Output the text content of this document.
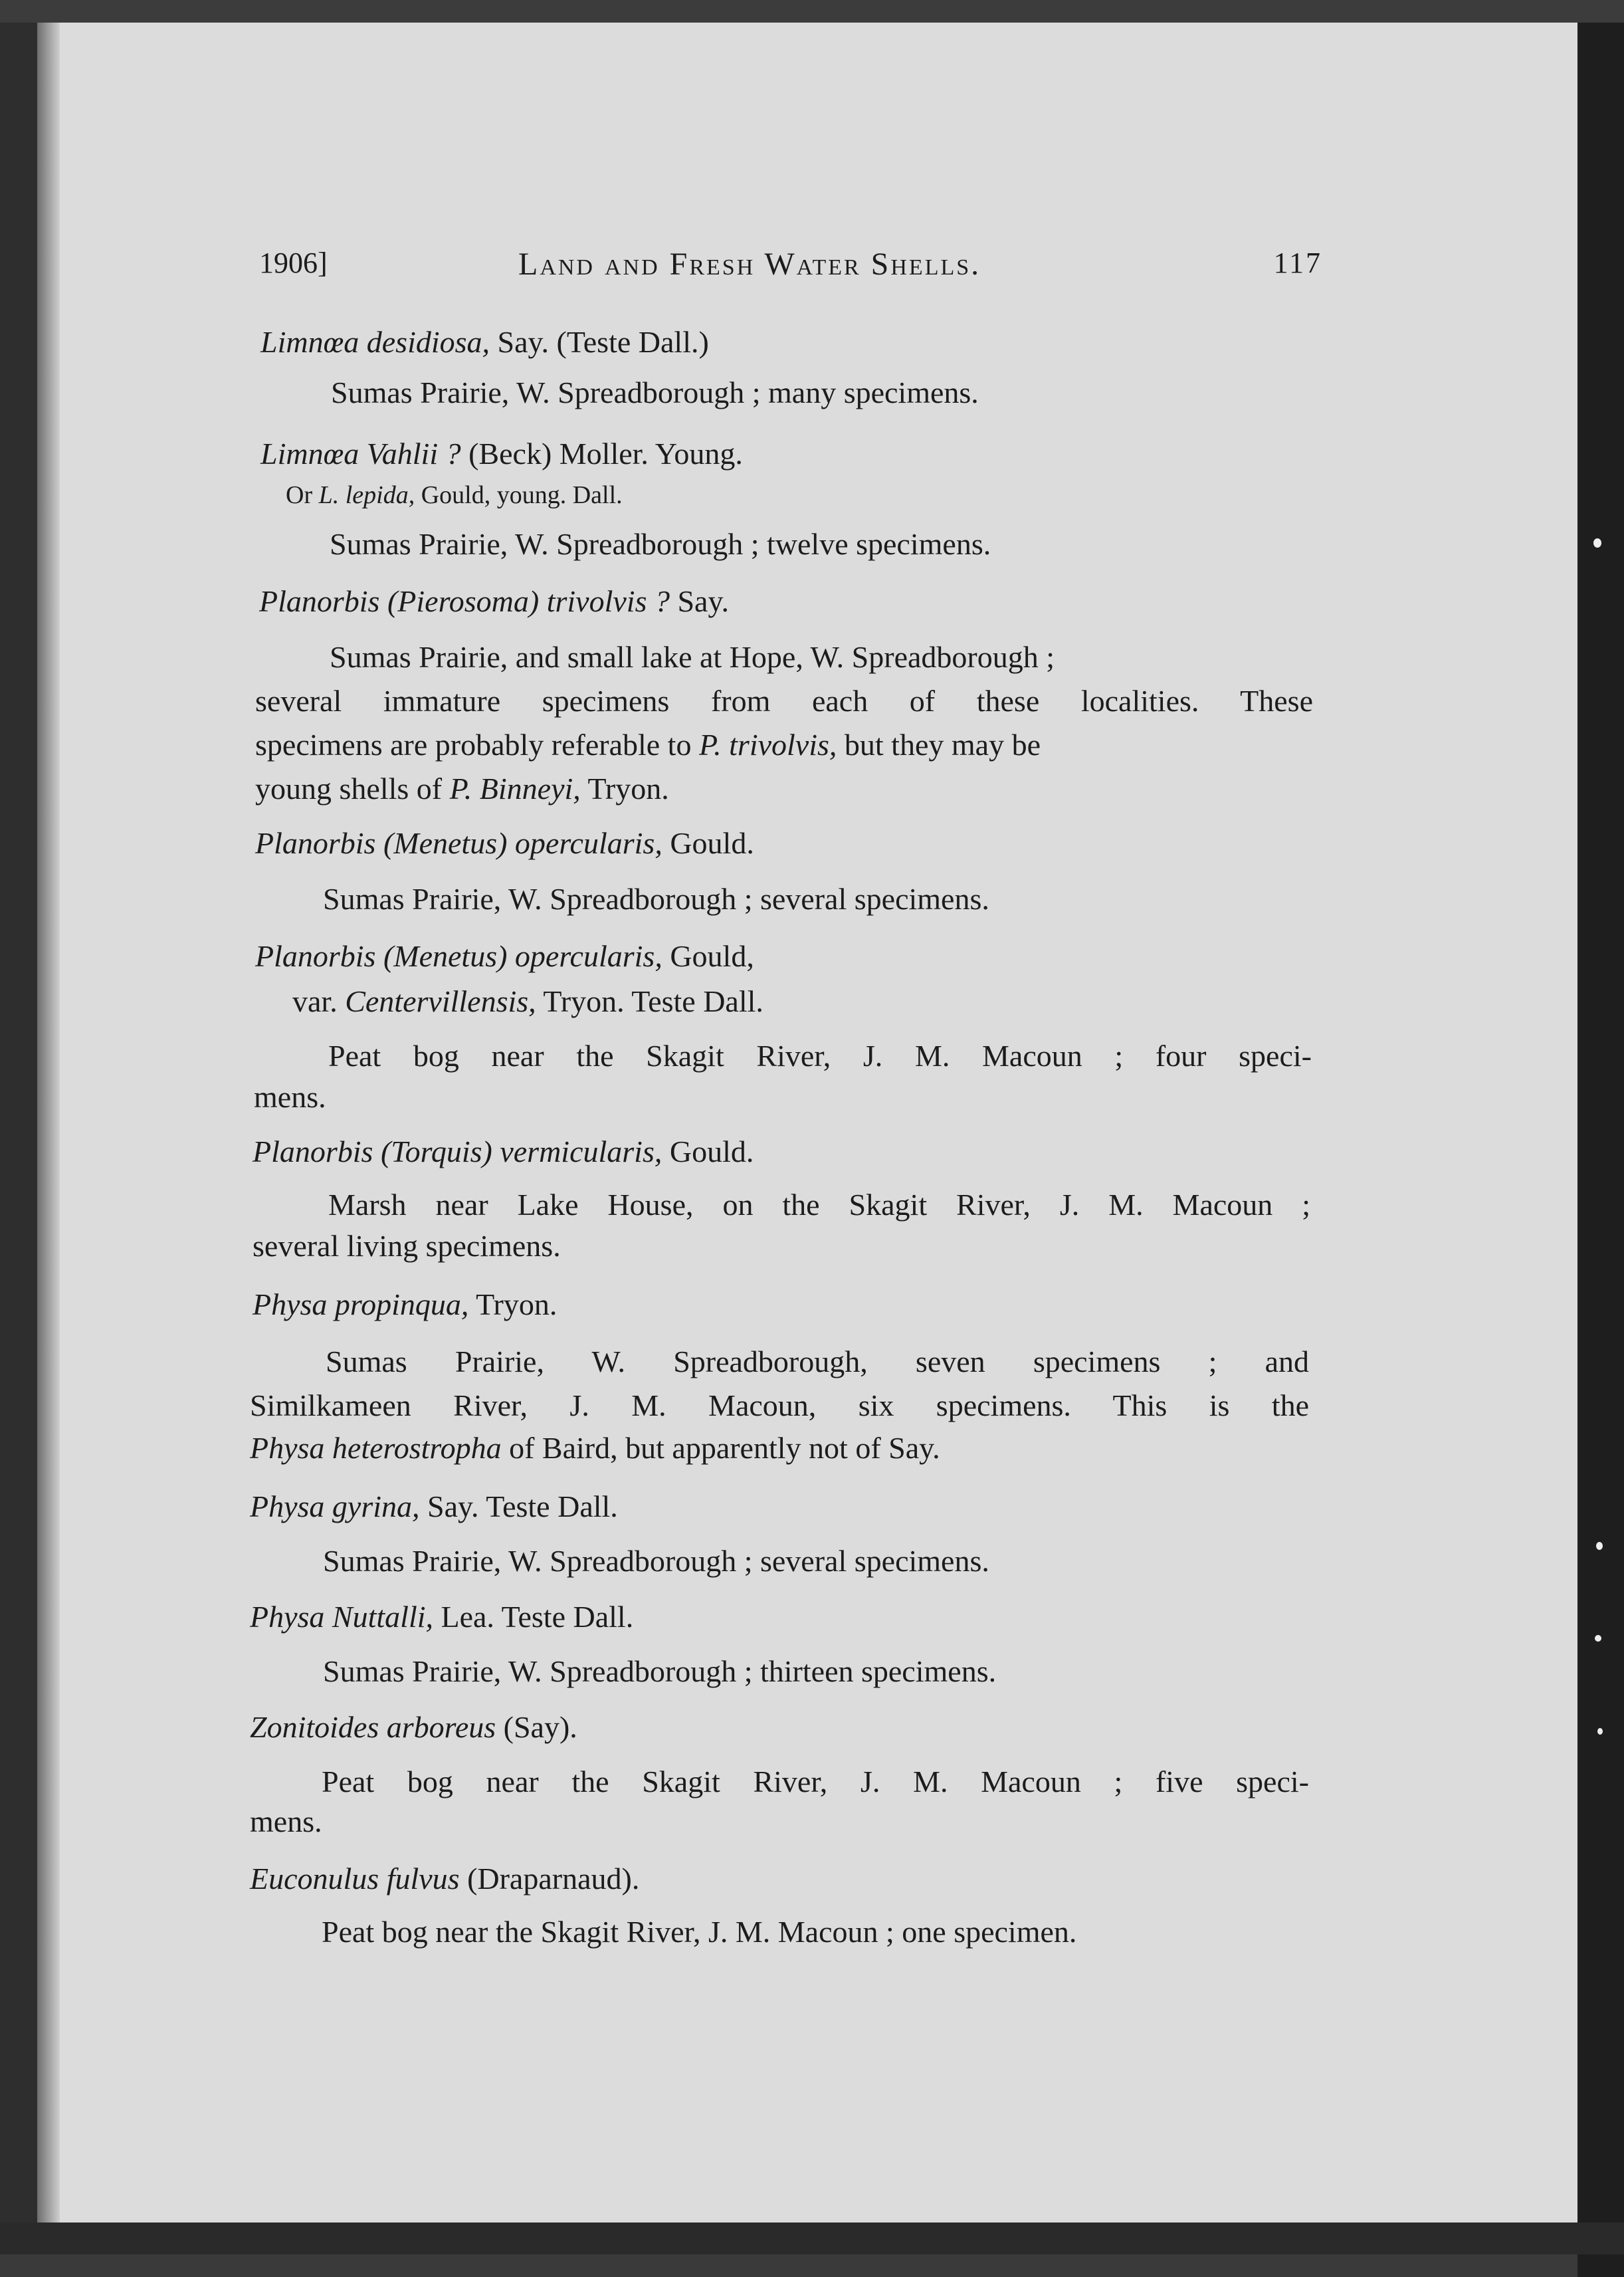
1906]	Land and Fresh Water Shells.	117
Limnœa desidiosa, Say. (Teste Dall.)
Sumas Prairie, W. Spreadborough ; many specimens.
Limnœa Vahlii ? (Beck) Moller. Young.
Or L. lepida, Gould, young. Dall.
Sumas Prairie, W. Spreadborough ; twelve specimens.
Planorbis (Pierosoma) trivolvis ? Say.
Sumas Prairie, and small lake at Hope, W. Spreadborough ;
several immature specimens from each of these localities. These
specimens are probably referable to P. trivolvis, but they may be
young shells of P. Binneyi, Tryon.
Planorbis (Menetus) opercularis, Gould.
Sumas Prairie, W. Spreadborough ; several specimens.
Planorbis (Menetus) opercularis, Gould,
var. Centervillensis, Tryon. Teste Dall.
Peat bog near the Skagit River, J. M. Macoun ; four speci-
mens.
Planorbis (Torquis) vermicularis, Gould.
Marsh near Lake House, on the Skagit River, J. M. Macoun ;
several living specimens.
Physa propinqua, Tryon.
Sumas Prairie, W. Spreadborough, seven specimens ; and
Similkameen River, J. M. Macoun, six specimens. This is the
Physa heterostropha of Baird, but apparently not of Say.
Physa gyrina, Say. Teste Dall.
Sumas Prairie, W. Spreadborough ; several specimens.
Physa Nuttalli, Lea. Teste Dall.
Sumas Prairie, W. Spreadborough ; thirteen specimens.
Zonitoides arboreus (Say).
Peat bog near the Skagit River, J. M. Macoun ; five speci-
mens.
Euconulus fulvus (Draparnaud).
Peat bog near the Skagit River, J. M. Macoun ; one specimen.
